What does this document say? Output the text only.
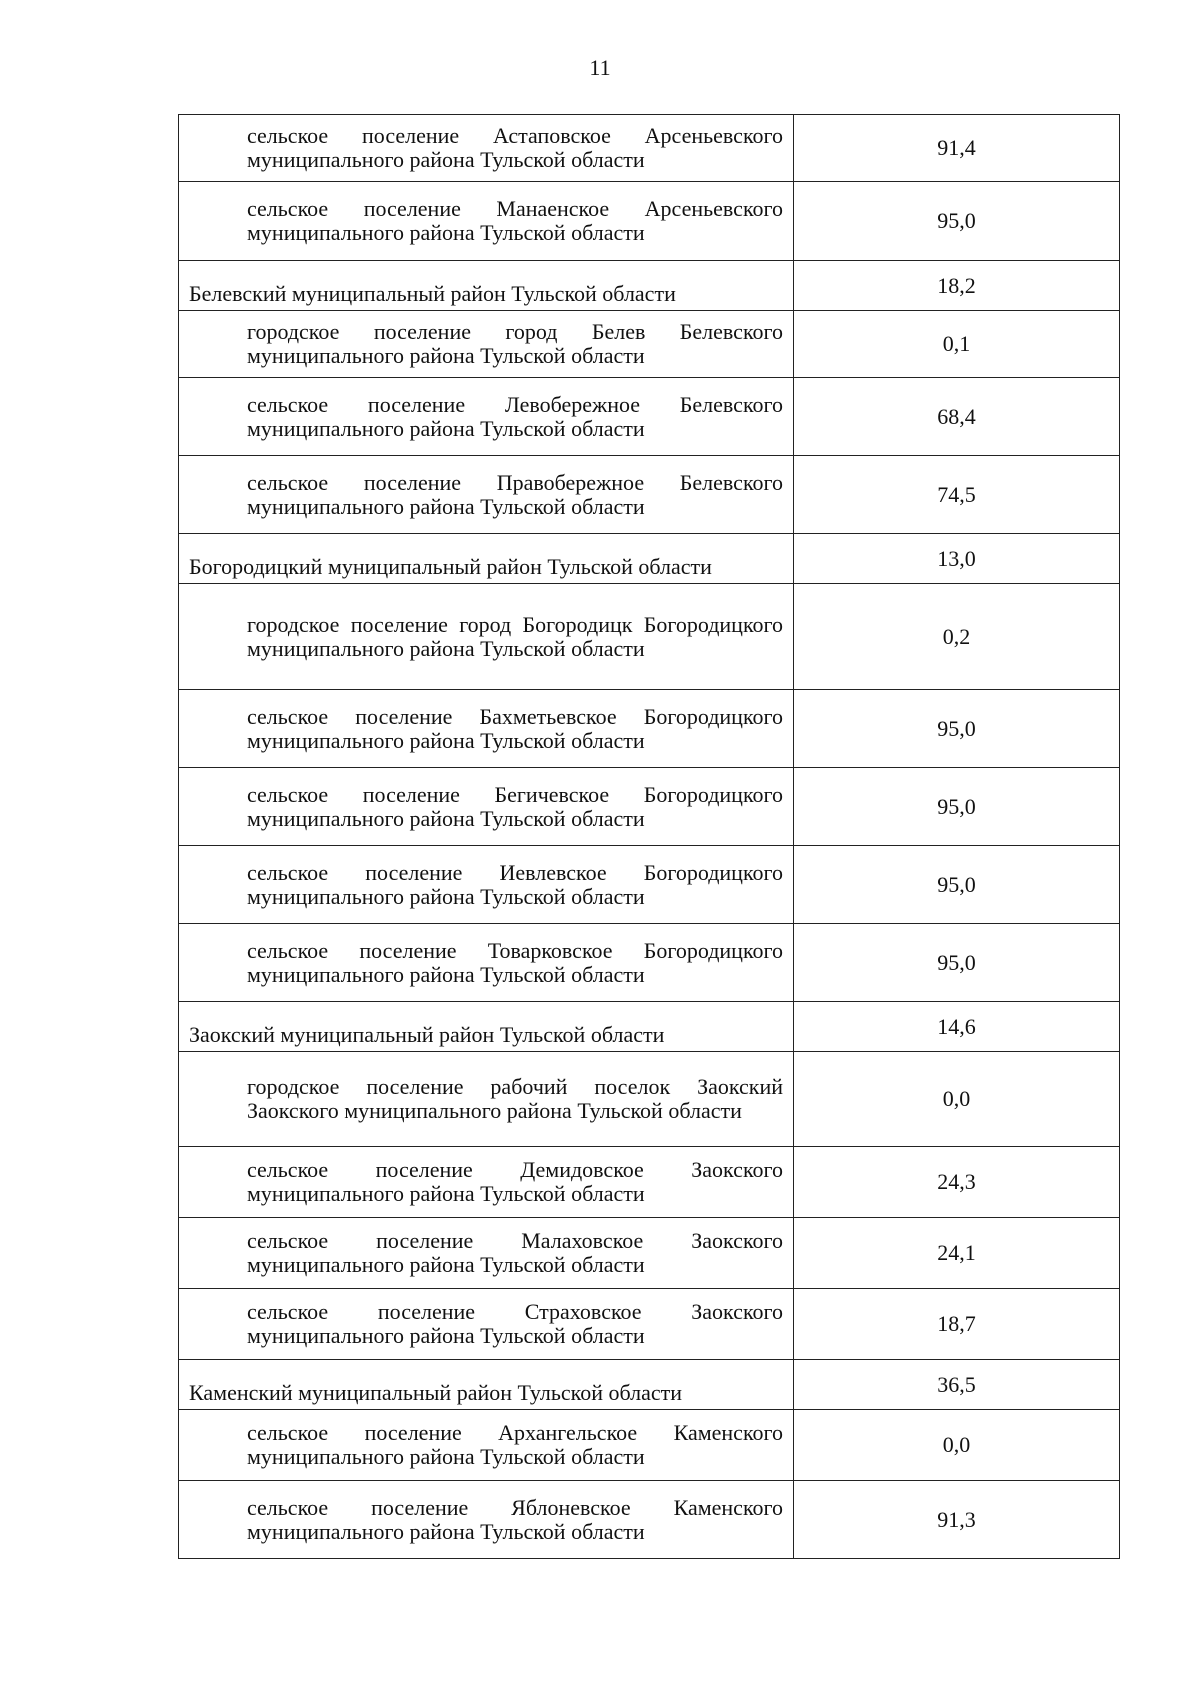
11
сельское поселение Астаповское Арсеньевского муниципального района Тульской области	91,4
сельское поселение Манаенское Арсеньевского муниципального района Тульской области	95,0
Белевский муниципальный район Тульской области	18,2
городское поселение город Белев Белевского муниципального района Тульской области	0,1
сельское поселение Левобережное Белевского муниципального района Тульской области	68,4
сельское поселение Правобережное Белевского муниципального района Тульской области	74,5
Богородицкий муниципальный район Тульской области	13,0
городское поселение город Богородицк Богородицкого муниципального района Тульской области	0,2
сельское поселение Бахметьевское Богородицкого муниципального района Тульской области	95,0
сельское поселение Бегичевское Богородицкого муниципального района Тульской области	95,0
сельское поселение Иевлевское Богородицкого муниципального района Тульской области	95,0
сельское поселение Товарковское Богородицкого муниципального района Тульской области	95,0
Заокский муниципальный район Тульской области	14,6
городское поселение рабочий поселок Заокский Заокского муниципального района Тульской области	0,0
сельское поселение Демидовское Заокского муниципального района Тульской области	24,3
сельское поселение Малаховское Заокского муниципального района Тульской области	24,1
сельское поселение Страховское Заокского муниципального района Тульской области	18,7
Каменский муниципальный район Тульской области	36,5
сельское поселение Архангельское Каменского муниципального района Тульской области	0,0
сельское поселение Яблоневское Каменского муниципального района Тульской области	91,3
